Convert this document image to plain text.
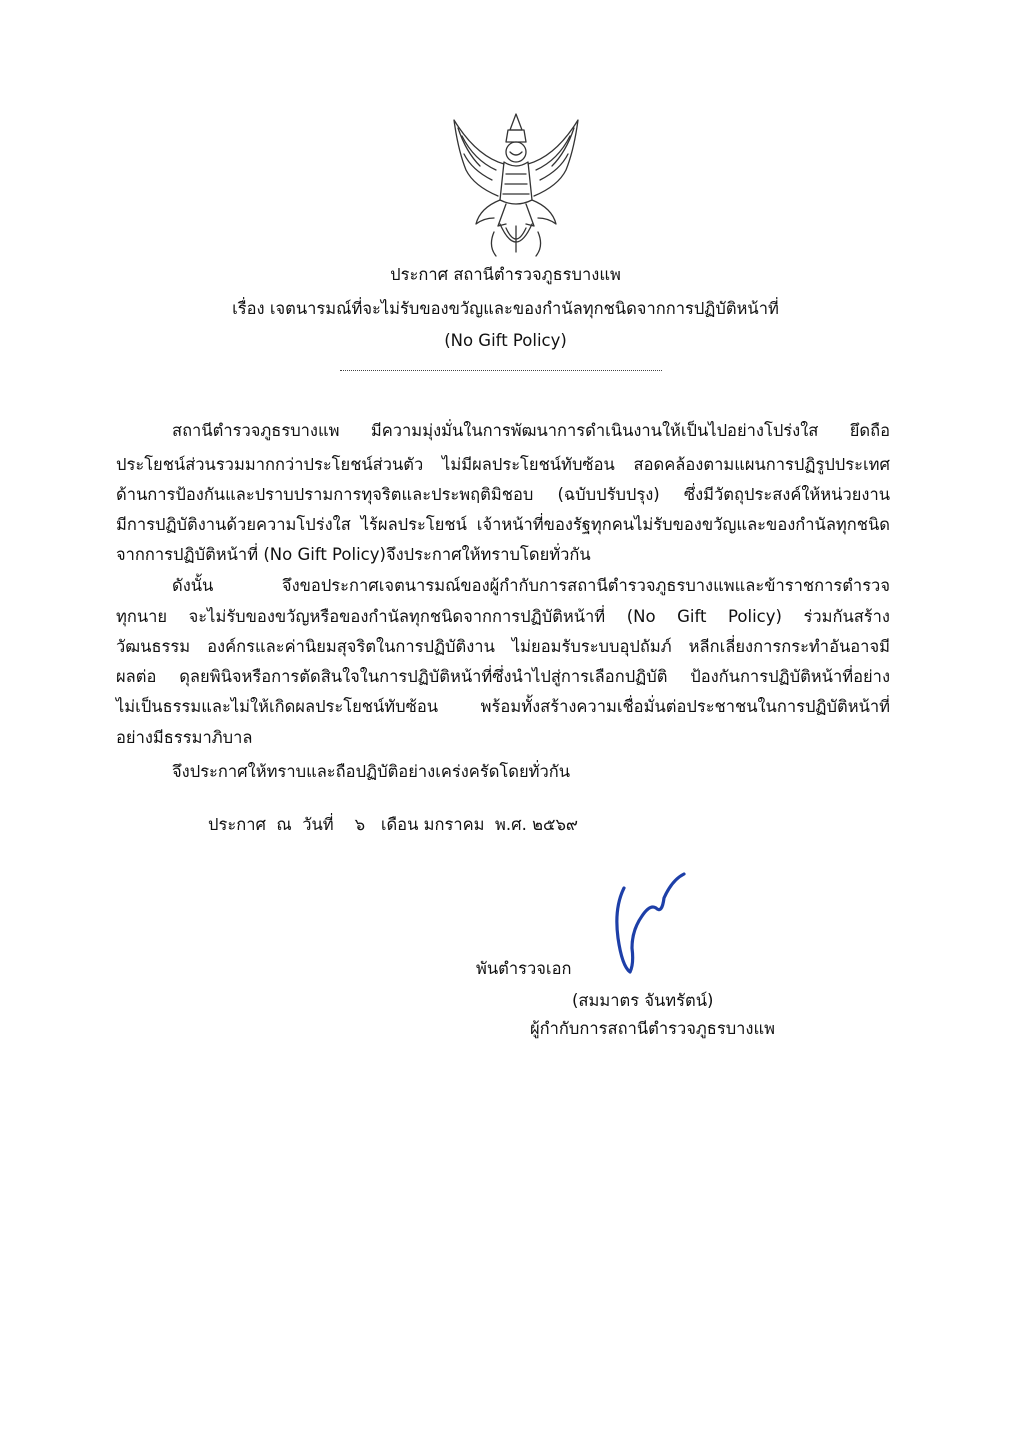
ประกาศ สถานีตำรวจภูธรบางแพ
เรื่อง เจตนารมณ์ที่จะไม่รับของขวัญและของกำนัลทุกชนิดจากการปฏิบัติหน้าที่
(No Gift Policy)
สถานีตำรวจภูธรบางแพ มีความมุ่งมั่นในการพัฒนาการดำเนินงานให้เป็นไปอย่างโปร่งใส ยึดถือ
ประโยชน์ส่วนรวมมากกว่าประโยชน์ส่วนตัว ไม่มีผลประโยชน์ทับซ้อน สอดคล้องตามแผนการปฏิรูปประเทศ
ด้านการป้องกันและปราบปรามการทุจริตและประพฤติมิชอบ (ฉบับปรับปรุง) ซึ่งมีวัตถุประสงค์ให้หน่วยงาน
มีการปฏิบัติงานด้วยความโปร่งใส ไร้ผลประโยชน์ เจ้าหน้าที่ของรัฐทุกคนไม่รับของขวัญและของกำนัลทุกชนิด
จากการปฏิบัติหน้าที่ (No Gift Policy)จึงประกาศให้ทราบโดยทั่วกัน
ดังนั้น จึงขอประกาศเจตนารมณ์ของผู้กำกับการสถานีตำรวจภูธรบางแพและข้าราชการตำรวจ
ทุกนาย จะไม่รับของขวัญหรือของกำนัลทุกชนิดจากการปฏิบัติหน้าที่ (No Gift Policy) ร่วมกันสร้าง
วัฒนธรรม องค์กรและค่านิยมสุจริตในการปฏิบัติงาน ไม่ยอมรับระบบอุปถัมภ์ หลีกเลี่ยงการกระทำอันอาจมี
ผลต่อ ดุลยพินิจหรือการตัดสินใจในการปฏิบัติหน้าที่ซึ่งนำไปสู่การเลือกปฏิบัติ ป้องกันการปฏิบัติหน้าที่อย่าง
ไม่เป็นธรรมและไม่ให้เกิดผลประโยชน์ทับซ้อน พร้อมทั้งสร้างความเชื่อมั่นต่อประชาชนในการปฏิบัติหน้าที่
อย่างมีธรรมาภิบาล
จึงประกาศให้ทราบและถือปฏิบัติอย่างเคร่งครัดโดยทั่วกัน
ประกาศ  ณ  วันที่    ๖   เดือน มกราคม  พ.ศ. ๒๕๖๙
พันตำรวจเอก
(สมมาตร จันทรัตน์)
ผู้กำกับการสถานีตำรวจภูธรบางแพ
